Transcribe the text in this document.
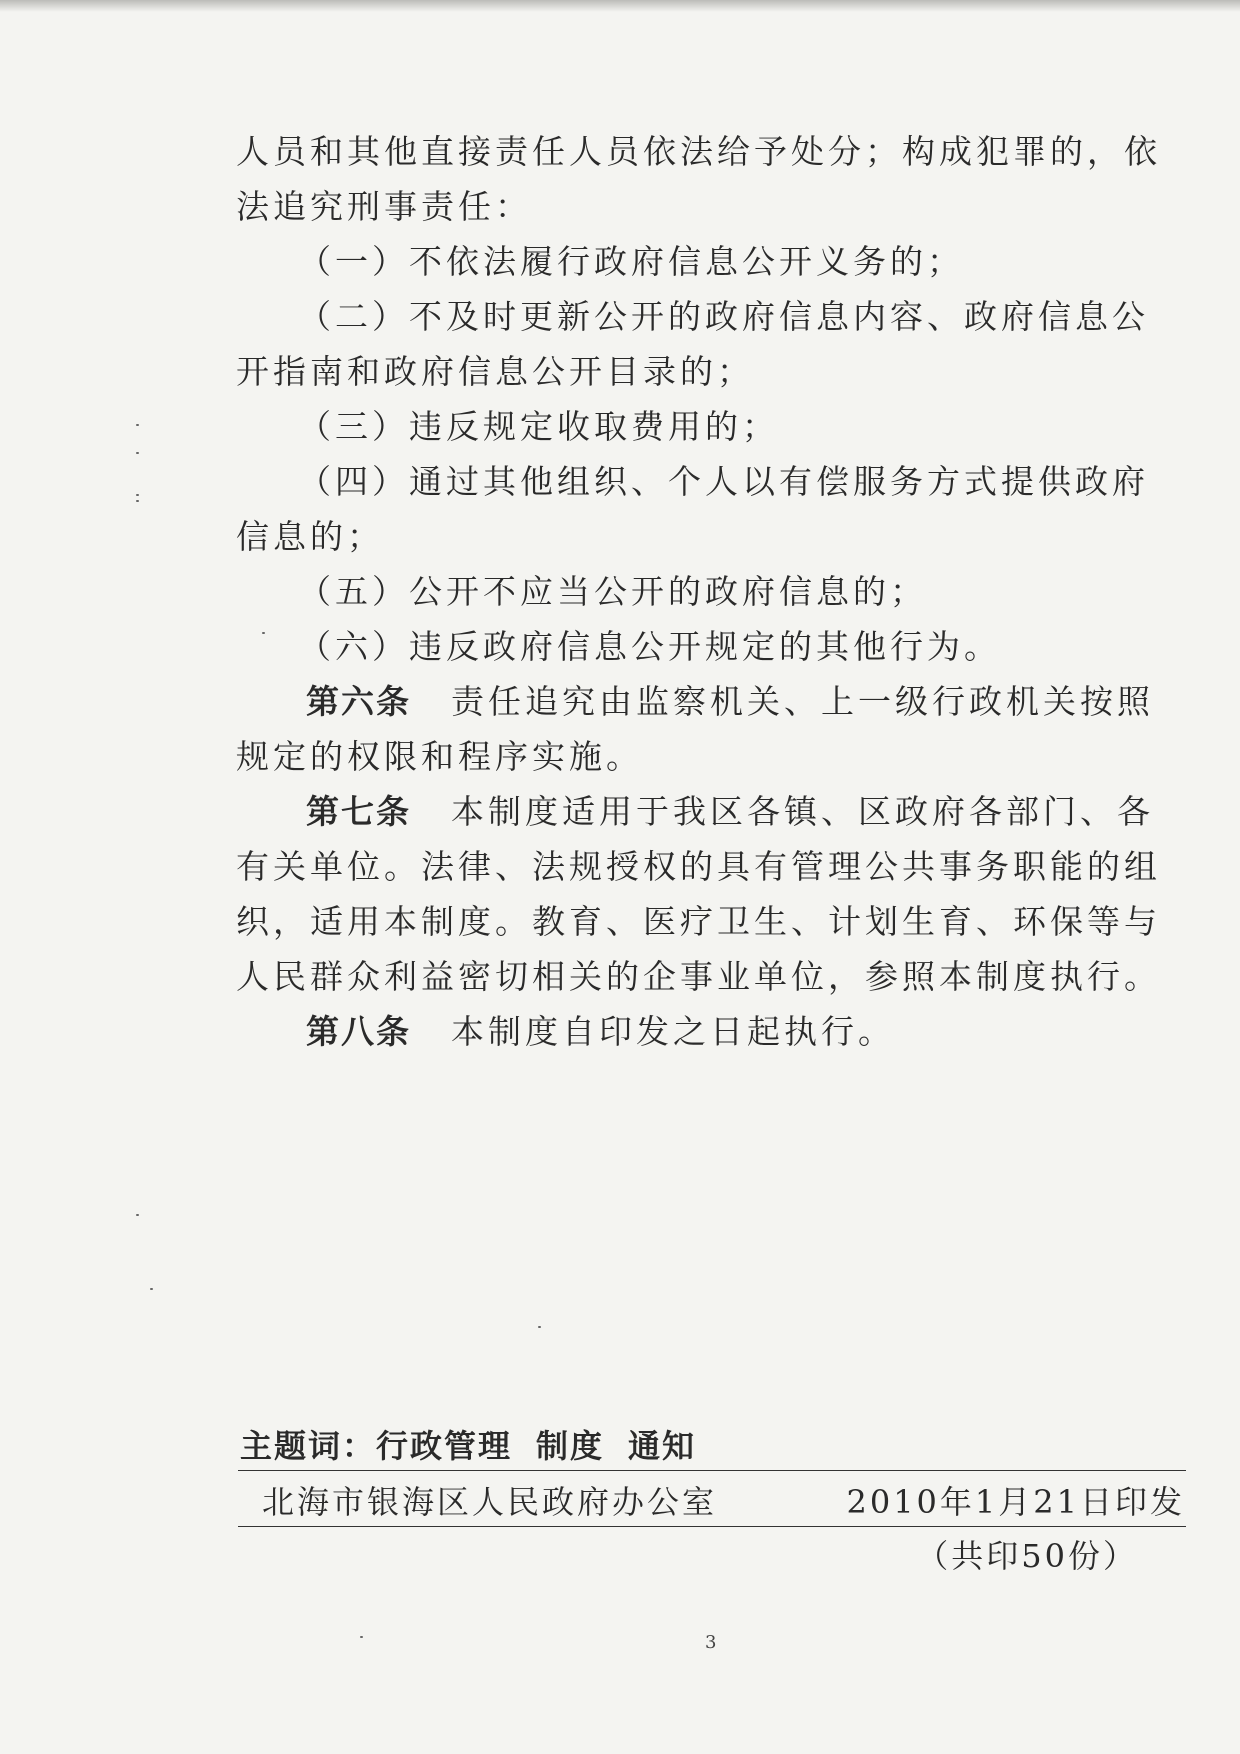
人员和其他直接责任人员依法给予处分；构成犯罪的，依法追究刑事责任：

（一）不依法履行政府信息公开义务的；

（二）不及时更新公开的政府信息内容、政府信息公开指南和政府信息公开目录的；

（三）违反规定收取费用的；

（四）通过其他组织、个人以有偿服务方式提供政府信息的；

（五）公开不应当公开的政府信息的；

（六）违反政府信息公开规定的其他行为。

第六条 责任追究由监察机关、上一级行政机关按照规定的权限和程序实施。

第七条 本制度适用于我区各镇、区政府各部门、各有关单位。法律、法规授权的具有管理公共事务职能的组织，适用本制度。教育、医疗卫生、计划生育、环保等与人民群众利益密切相关的企事业单位，参照本制度执行。

第八条 本制度自印发之日起执行。

主题词：行政管理 制度 通知
北海市银海区人民政府办公室	2010年1月21日印发
（共印50份）
3
